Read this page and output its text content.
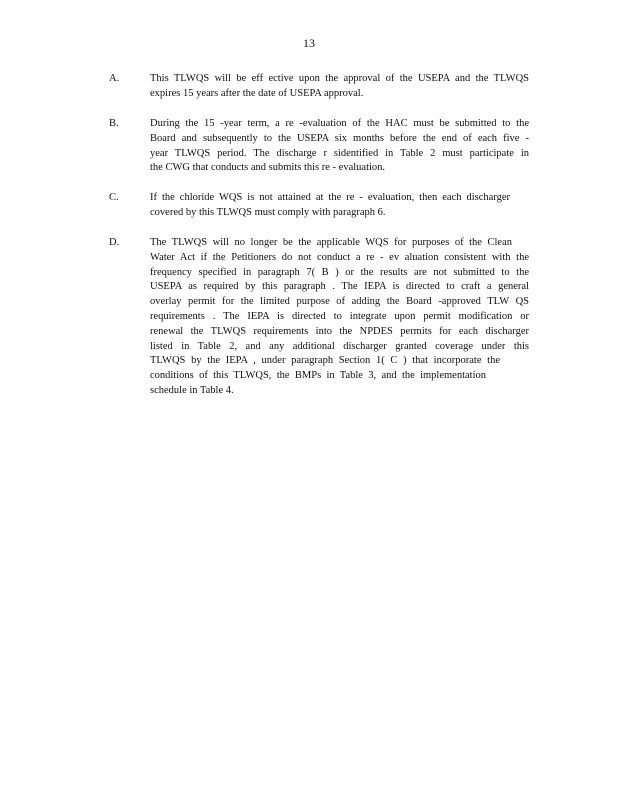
13
A.	This TLWQS will be eff ective upon the approval of the USEPA and the TLWQS
expires 15 years after the date of USEPA approval.
B.	During the 15 -year term, a re -evaluation of the HAC must be submitted to the
Board and subsequently to the USEPA six months before the end of each five -
year TLWQS period. The discharge r sidentified in Table 2 must participate in
the CWG that conducts and submits this re - evaluation.
C.	If the chloride WQS is not attained at the re - evaluation, then each discharger
covered by this TLWQS must comply with paragraph 6.
D.	The TLWQS will no longer be the applicable WQS for purposes of the Clean
Water Act if the Petitioners do not conduct a re - ev aluation consistent with the
frequency specified in paragraph 7( B ) or the results are not submitted to the
USEPA as required by this paragraph . The IEPA is directed to craft a general
overlay permit for the limited purpose of adding the Board -approved TLW QS
requirements . The IEPA is directed to integrate upon permit modification or
renewal the TLWQS requirements into the NPDES permits for each discharger
listed in Table 2, and any additional discharger granted coverage under this
TLWQS by the IEPA , under paragraph Section 1( C ) that incorporate the
conditions of this TLWQS, the BMPs in Table 3, and the implementation
schedule in Table 4.
